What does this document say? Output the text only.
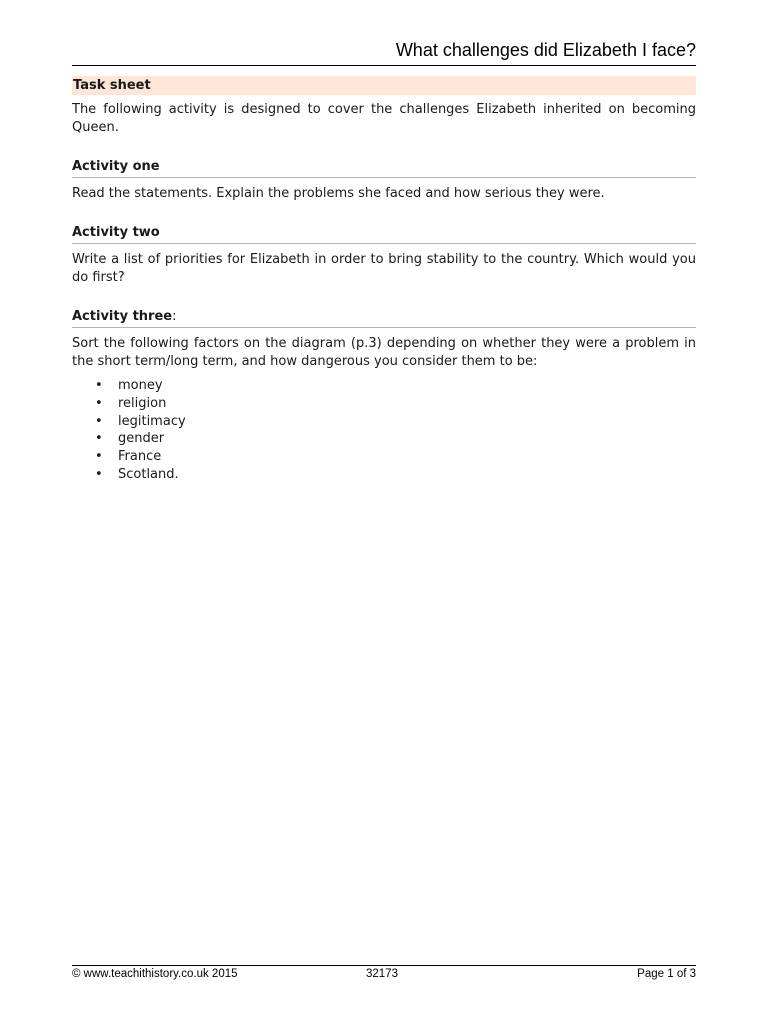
What challenges did Elizabeth I face?
Task sheet

The following activity is designed to cover the challenges Elizabeth inherited on becoming Queen.

Activity one

Read the statements. Explain the problems she faced and how serious they were.

Activity two

Write a list of priorities for Elizabeth in order to bring stability to the country. Which would you do first?

Activity three:

Sort the following factors on the diagram (p.3) depending on whether they were a problem in the short term/long term, and how dangerous you consider them to be:

• money
• religion
• legitimacy
• gender
• France
• Scotland.
© www.teachithistory.co.uk 2015	32173	Page 1 of 3
